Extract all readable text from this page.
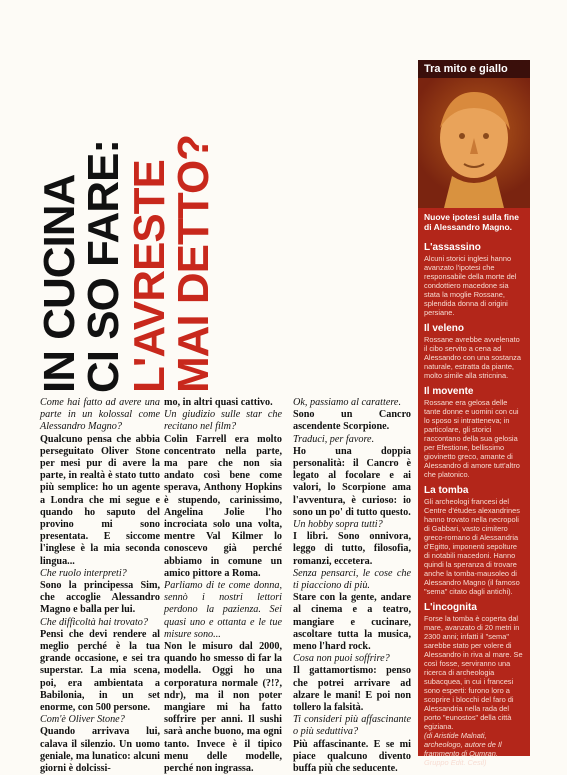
IN CUCINA
CI SO FARE:
L'AVRESTE
MAI DETTO?

Come hai fatto ad avere una parte in un kolossal come Alessandro Magno?

Qualcuno pensa che abbia perseguitato Oliver Stone per mesi pur di avere la parte, in realtà è stato tutto più semplice: ho un agente a Londra che mi segue e quando ho saputo del provino mi sono presentata. E siccome l'inglese è la mia seconda lingua...

Che ruolo interpreti?

Sono la principessa Sim, che accoglie Alessandro Magno e balla per lui.

Che difficoltà hai trovato?

Pensi che devi rendere al meglio perché è la tua grande occasione, e sei tra superstar. La mia scena, poi, era ambientata a Babilonia, in un set enorme, con 500 persone.

Com'è Oliver Stone?

Quando arrivava lui, calava il silenzio. Un uomo geniale, ma lunatico: alcuni giorni è dolcissi-

mo, in altri quasi cattivo.

Un giudizio sulle star che recitano nel film?

Colin Farrell era molto concentrato nella parte, ma pare che non sia andato così bene come sperava, Anthony Hopkins è stupendo, carinissimo, Angelina Jolie l'ho incrociata solo una volta, mentre Val Kilmer lo conoscevo già perché abbiamo in comune un amico pittore a Roma.

Parliamo di te come donna, sennò i nostri lettori perdono la pazienza. Sei quasi uno e ottanta e le tue misure sono...

Non le misuro dal 2000, quando ho smesso di far la modella. Oggi ho una corporatura normale (?!?, ndr), ma il non poter mangiare mi ha fatto soffrire per anni. Il sushi sarà anche buono, ma ogni tanto. Invece è il tipico menu delle modelle, perché non ingrassa.

Ok, passiamo al carattere.

Sono un Cancro ascendente Scorpione.

Traduci, per favore.

Ho una doppia personalità: il Cancro è legato al focolare e ai valori, lo Scorpione ama l'avventura, è curioso: io sono un po' di tutto questo.

Un hobby sopra tutti?

I libri. Sono onnivora, leggo di tutto, filosofia, romanzi, eccetera.

Senza pensarci, le cose che ti piacciono di più.

Stare con la gente, andare al cinema e a teatro, mangiare e cucinare, ascoltare tutta la musica, meno l'hard rock.

Cosa non puoi soffrire?

Il gattamortismo: penso che potrei arrivare ad alzare le mani! E poi non tollero la falsità.

Ti consideri più affascinante o più seduttiva?

Più affascinante. E se mi piace qualcuno divento buffa più che seducente.

Tra mito e giallo
Nuove ipotesi sulla fine di Alessandro Magno.
L'assassino
Alcuni storici inglesi hanno avanzato l'ipotesi che responsabile della morte del condottiero macedone sia stata la moglie Rossane, splendida donna di origini persiane.
Il veleno
Rossane avrebbe avvelenato il cibo servito a cena ad Alessandro con una sostanza naturale, estratta da piante, molto simile alla stricnina.
Il movente
Rossane era gelosa delle tante donne e uomini con cui lo sposo si intratteneva; in particolare, gli storici raccontano della sua gelosia per Efestione, bellissimo giovinetto greco, amante di Alessandro di amore tutt'altro che platonico.
La tomba
Gli archeologi francesi del Centre d'études alexandrines hanno trovato nella necropoli di Gabbari, vasto cimitero greco-romano di Alessandria d'Egitto, imponenti sepolture di notabili macedoni. Hanno quindi la speranza di trovare anche la tomba-mausoleo di Alessandro Magno (il famoso "sema" citato dagli antichi).
L'incognita
Forse la tomba è coperta dal mare, avanzato di 20 metri in 2300 anni; infatti il "sema" sarebbe stato per volere di Alessandro in riva al mare. Se così fosse, serviranno una ricerca di archeologia subacquea, in cui i francesi sono esperti: furono loro a scoprire i blocchi del faro di Alessandria nella rada del porto "eunostos" della città egiziana.
(di Aristide Malnati, archeologo, autore de Il frammento di Qumran, Gruppo Edit. Cesil)
